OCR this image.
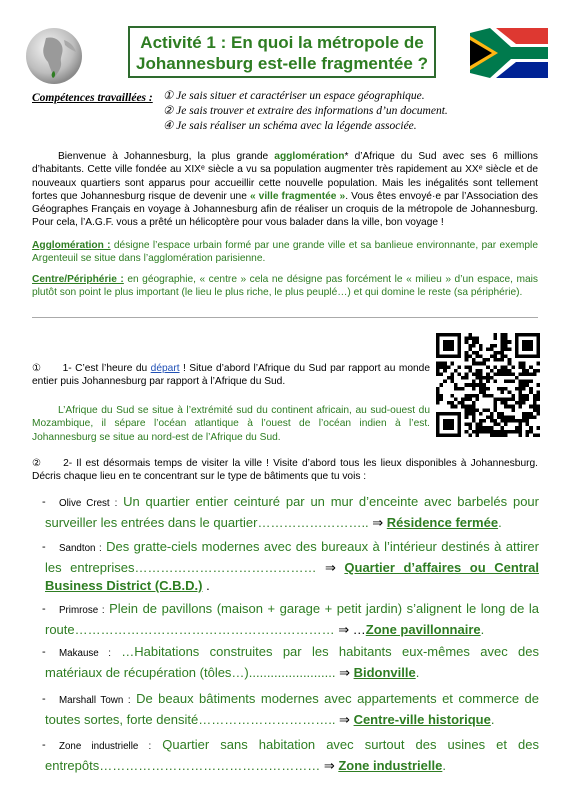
Activité 1 : En quoi la métropole de
Johannesburg est-elle fragmentée ?
Compétences travaillées : ① Je sais situer et caractériser un espace géographique.
② Je sais trouver et extraire des informations d’un document.
④ Je sais réaliser un schéma avec la légende associée.
Bienvenue à Johannesburg, la plus grande agglomération* d’Afrique du Sud avec ses 6 millions d’habitants. Cette ville fondée au XIXᵉ siècle a vu sa population augmenter très rapidement au XXᵉ siècle et de nouveaux quartiers sont apparus pour accueillir cette nouvelle population. Mais les inégalités sont tellement fortes que Johannesburg risque de devenir une « ville fragmentée ». Vous êtes envoyé·e par l’Association des Géographes Français en voyage à Johannesburg afin de réaliser un croquis de la métropole de Johannesburg. Pour cela, l’A.G.F. vous a prêté un hélicoptère pour vous balader dans la ville, bon voyage !
Agglomération : désigne l’espace urbain formé par une grande ville et sa banlieue environnante, par exemple Argenteuil se situe dans l’agglomération parisienne.
Centre/Périphérie : en géographie, « centre » cela ne désigne pas forcément le « milieu » d’un espace, mais plutôt son point le plus important (le lieu le plus riche, le plus peuplé…) et qui domine le reste (sa périphérie).
① 1- C’est l’heure du départ ! Situe d’abord l’Afrique du Sud par rapport au monde entier puis Johannesburg par rapport à l’Afrique du Sud.
L’Afrique du Sud se situe à l’extrémité sud du continent africain, au sud-ouest du Mozambique, il sépare l’océan atlantique à l’ouest de l’océan indien à l’est. Johannesburg se situe au nord-est de l’Afrique du Sud.
② 2- Il est désormais temps de visiter la ville ! Visite d’abord tous les lieux disponibles à Johannesburg. Décris chaque lieu en te concentrant sur le type de bâtiments que tu vois :
- Olive Crest : Un quartier entier ceinturé par un mur d’enceinte avec barbelés pour surveiller les entrées dans le quartier…………………….. ⇒ Résidence fermée.
- Sandton : Des gratte-ciels modernes avec des bureaux à l’intérieur destinés à attirer les entreprises…………………………………… ⇒ Quartier d’affaires ou Central Business District (C.B.D.) .
- Primrose : Plein de pavillons (maison + garage + petit jardin) s’alignent le long de la route…………………………………………………… ⇒ …Zone pavillonnaire.
- Makause : …Habitations construites par les habitants eux-mêmes avec des matériaux de récupération (tôles…)........................ ⇒ Bidonville.
- Marshall Town : De beaux bâtiments modernes avec appartements et commerce de toutes sortes, forte densité………………………….. ⇒ Centre-ville historique.
- Zone industrielle : Quartier sans habitation avec surtout des usines et des entrepôts…………………………………………… ⇒ Zone industrielle.
